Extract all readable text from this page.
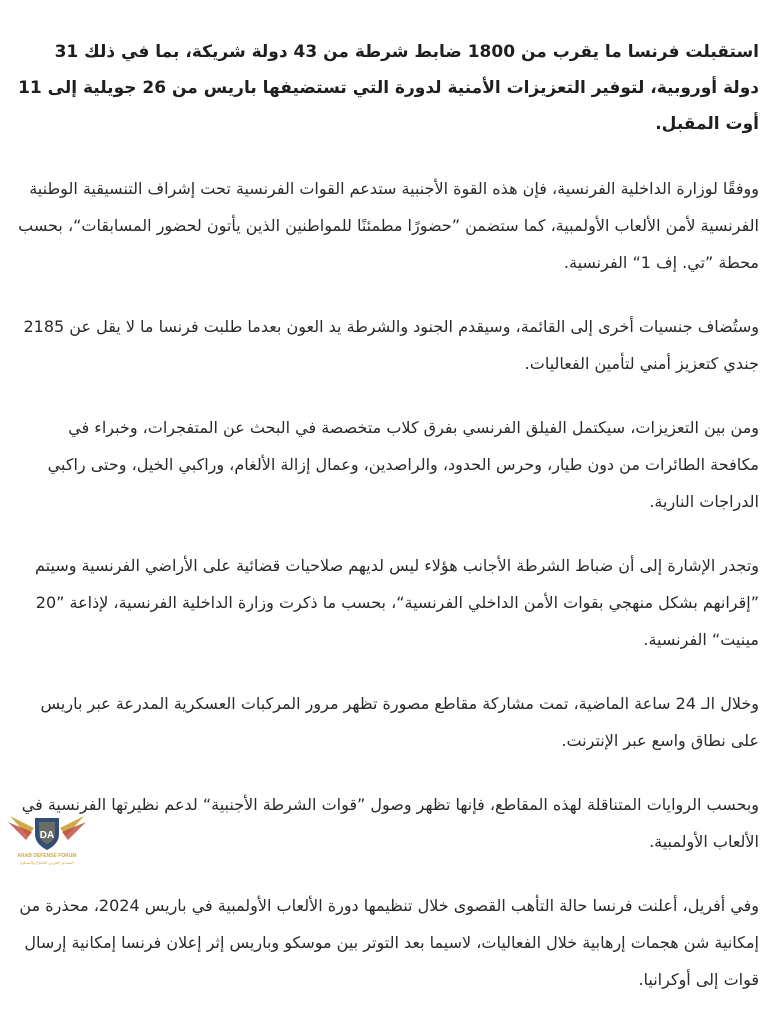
استقبلت فرنسا ما يقرب من 1800 ضابط شرطة من 43 دولة شريكة، بما في ذلك 31 دولة أوروبية، لتوفير التعزيزات الأمنية لدورة التي تستضيفها باريس من 26 جويلية إلى 11 أوت المقبل.

ووفقًا لوزارة الداخلية الفرنسية، فإن هذه القوة الأجنبية ستدعم القوات الفرنسية تحت إشراف التنسيقية الوطنية الفرنسية لأمن الألعاب الأولمبية، كما ستضمن ”حضورًا مطمئنًا للمواطنين الذين يأتون لحضور المسابقات“، بحسب محطة ”تي. إف 1“ الفرنسية.

وستُضاف جنسيات أخرى إلى القائمة، وسيقدم الجنود والشرطة يد العون بعدما طلبت فرنسا ما لا يقل عن 2185 جندي كتعزيز أمني لتأمين الفعاليات.

ومن بين التعزيزات، سيكتمل الفيلق الفرنسي بفرق كلاب متخصصة في البحث عن المتفجرات، وخبراء في مكافحة الطائرات من دون طيار، وحرس الحدود، والراصدين، وعمال إزالة الألغام، وراكبي الخيل، وحتى راكبي الدراجات النارية.

وتجدر الإشارة إلى أن ضباط الشرطة الأجانب هؤلاء ليس لديهم صلاحيات قضائية على الأراضي الفرنسية وسيتم ”إقرانهم بشكل منهجي بقوات الأمن الداخلي الفرنسية“، بحسب ما ذكرت وزارة الداخلية الفرنسية، لإذاعة ”20 مينيت“ الفرنسية.

وخلال الـ 24 ساعة الماضية، تمت مشاركة مقاطع مصورة تظهر مرور المركبات العسكرية المدرعة عبر باريس على نطاق واسع عبر الإنترنت.

وبحسب الروايات المتناقلة لهذه المقاطع، فإنها تظهر وصول ”قوات الشرطة الأجنبية“ لدعم نظيرتها الفرنسية في الألعاب الأولمبية.

وفي أفريل، أعلنت فرنسا حالة التأهب القصوى خلال تنظيمها دورة الألعاب الأولمبية في باريس 2024، محذرة من إمكانية شن هجمات إرهابية خلال الفعاليات، لاسيما بعد التوتر بين موسكو وباريس إثر إعلان فرنسا إمكانية إرسال قوات إلى أوكرانيا.

DA
ARAB DEFENSE FORUM
المنتدى العربي للدفاع والتسليح
